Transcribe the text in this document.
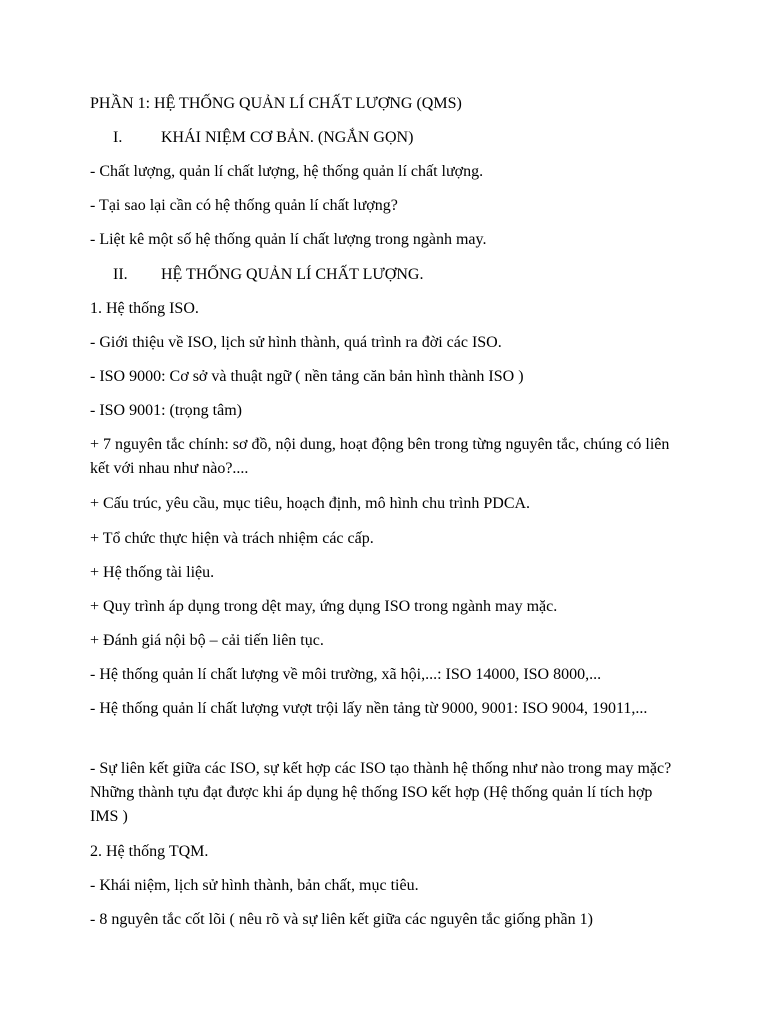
PHẦN 1: HỆ THỐNG QUẢN LÍ CHẤT LƯỢNG (QMS)
I. KHÁI NIỆM CƠ BẢN. (NGẮN GỌN)
- Chất lượng, quản lí chất lượng, hệ thống quản lí chất lượng.
- Tại sao lại cần có hệ thống quản lí chất lượng?
- Liệt kê một số hệ thống quản lí chất lượng trong ngành may.
II. HỆ THỐNG QUẢN LÍ CHẤT LƯỢNG.
1. Hệ thống ISO.
- Giới thiệu về ISO, lịch sử hình thành, quá trình ra đời các ISO.
- ISO 9000: Cơ sở và thuật ngữ ( nền tảng căn bản hình thành ISO )
- ISO 9001: (trọng tâm)
+ 7 nguyên tắc chính: sơ đồ, nội dung, hoạt động bên trong từng nguyên tắc, chúng có liên kết với nhau như nào?....
+ Cấu trúc, yêu cầu, mục tiêu, hoạch định, mô hình chu trình PDCA.
+ Tổ chức thực hiện và trách nhiệm các cấp.
+ Hệ thống tài liệu.
+ Quy trình áp dụng trong dệt may, ứng dụng ISO trong ngành may mặc.
+ Đánh giá nội bộ – cải tiến liên tục.
- Hệ thống quản lí chất lượng về môi trường, xã hội,...: ISO 14000, ISO 8000,...
- Hệ thống quản lí chất lượng vượt trội lấy nền tảng từ 9000, 9001: ISO 9004, 19011,...
- Sự liên kết giữa các ISO, sự kết hợp các ISO tạo thành hệ thống như nào trong may mặc? Những thành tựu đạt được khi áp dụng hệ thống ISO kết hợp (Hệ thống quản lí tích hợp IMS )
2. Hệ thống TQM.
- Khái niệm, lịch sử hình thành, bản chất, mục tiêu.
- 8 nguyên tắc cốt lõi ( nêu rõ và sự liên kết giữa các nguyên tắc giống phần 1)
